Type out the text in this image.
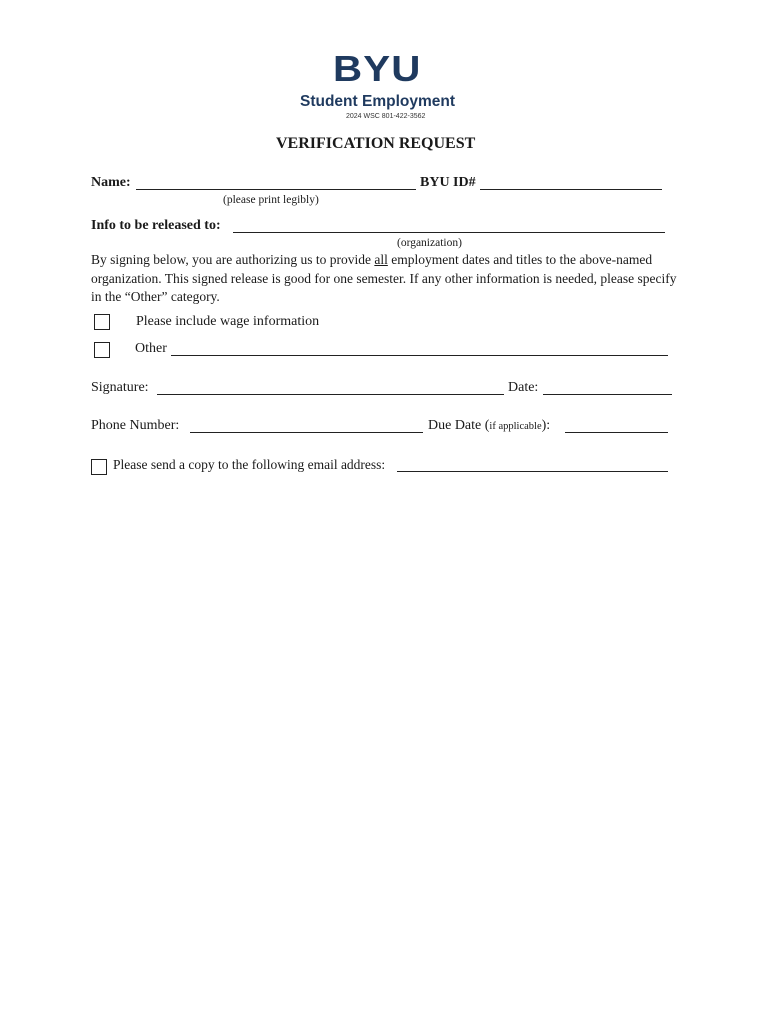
BYU
Student Employment
2024 WSC 801-422-3562
VERIFICATION REQUEST
Name:	BYU ID#
(please print legibly)
Info to be released to:
(organization)
By signing below, you are authorizing us to provide all employment dates and titles to the above-named organization. This signed release is good for one semester. If any other information is needed, please specify in the “Other” category.
Please include wage information
Other
Signature:	Date:
Phone Number:	Due Date (if applicable):
Please send a copy to the following email address:
